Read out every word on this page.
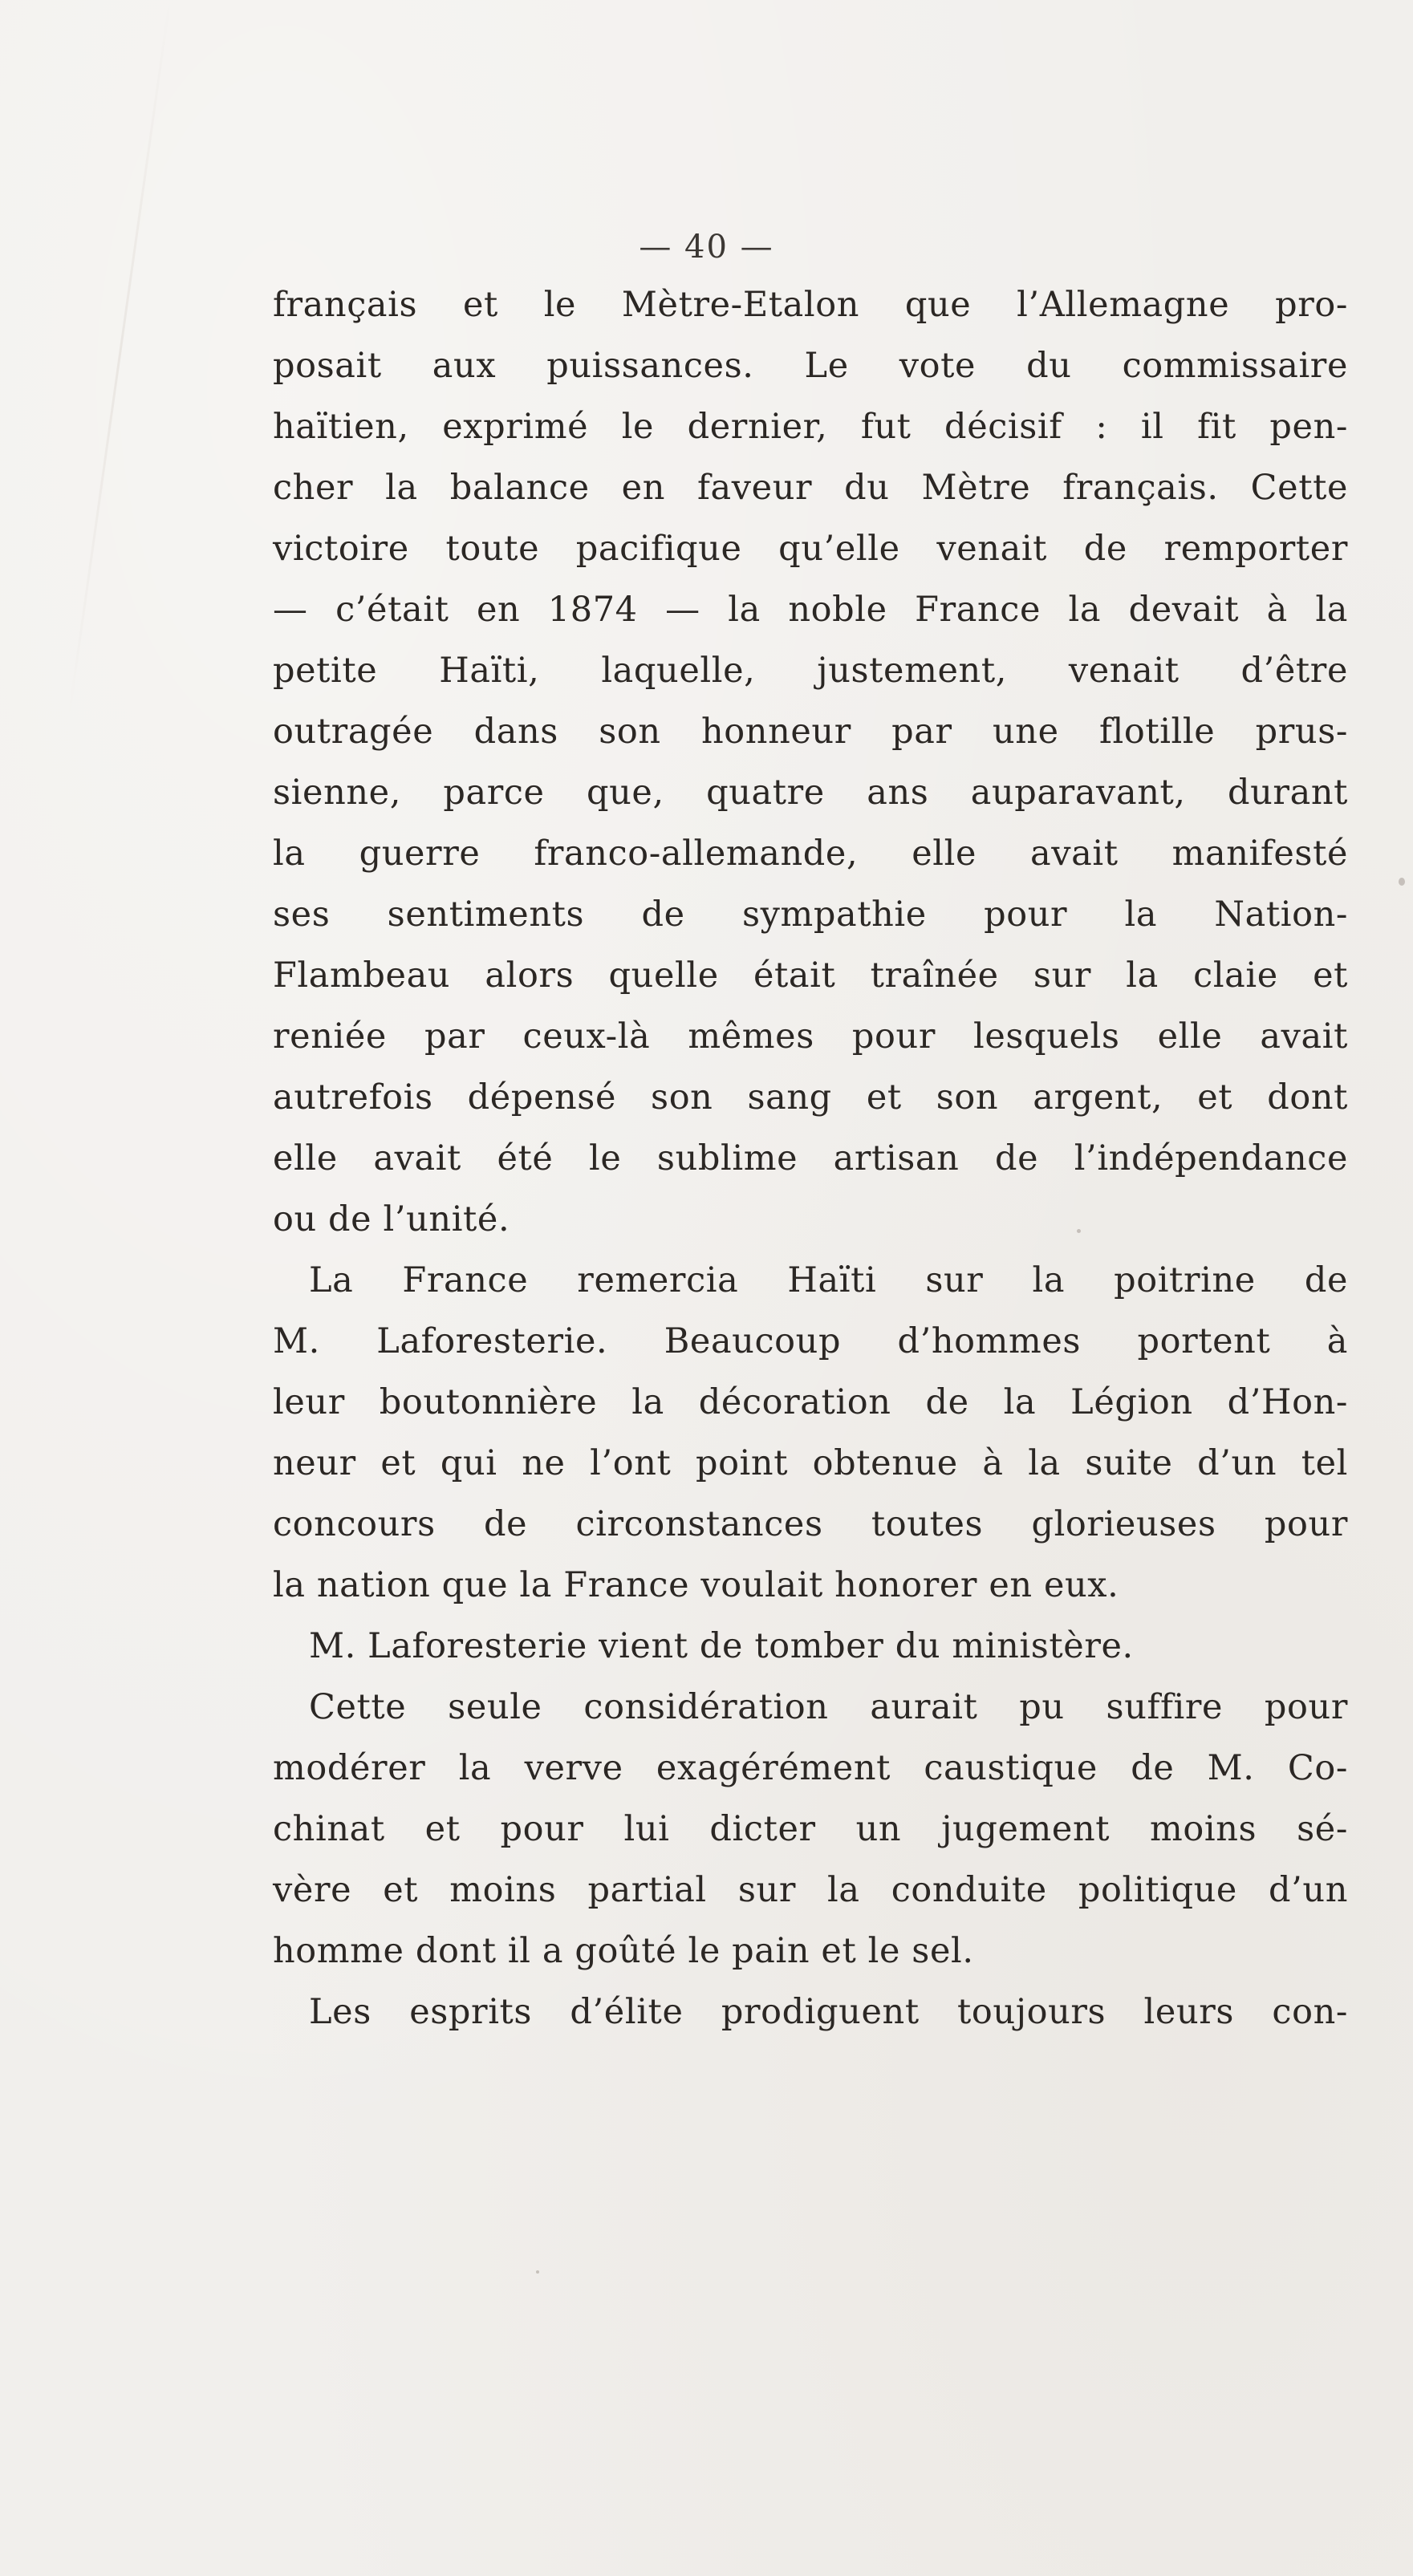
— 40 —
français et le Mètre-Etalon que l’Allemagne pro-
posait aux puissances. Le vote du commissaire
haïtien, exprimé le dernier, fut décisif : il fit pen-
cher la balance en faveur du Mètre français. Cette
victoire toute pacifique qu’elle venait de remporter
— c’était en 1874 — la noble France la devait à la
petite Haïti, laquelle, justement, venait d’être
outragée dans son honneur par une flotille prus-
sienne, parce que, quatre ans auparavant, durant
la guerre franco-allemande, elle avait manifesté
ses sentiments de sympathie pour la Nation-
Flambeau alors quelle était traînée sur la claie et
reniée par ceux-là mêmes pour lesquels elle avait
autrefois dépensé son sang et son argent, et dont
elle avait été le sublime artisan de l’indépendance
ou de l’unité.
La France remercia Haïti sur la poitrine de
M. Laforesterie. Beaucoup d’hommes portent à
leur boutonnière la décoration de la Légion d’Hon-
neur et qui ne l’ont point obtenue à la suite d’un tel
concours de circonstances toutes glorieuses pour
la nation que la France voulait honorer en eux.
M. Laforesterie vient de tomber du ministère.
Cette seule considération aurait pu suffire pour
modérer la verve exagérément caustique de M. Co-
chinat et pour lui dicter un jugement moins sé-
vère et moins partial sur la conduite politique d’un
homme dont il a goûté le pain et le sel.
Les esprits d’élite prodiguent toujours leurs con-
